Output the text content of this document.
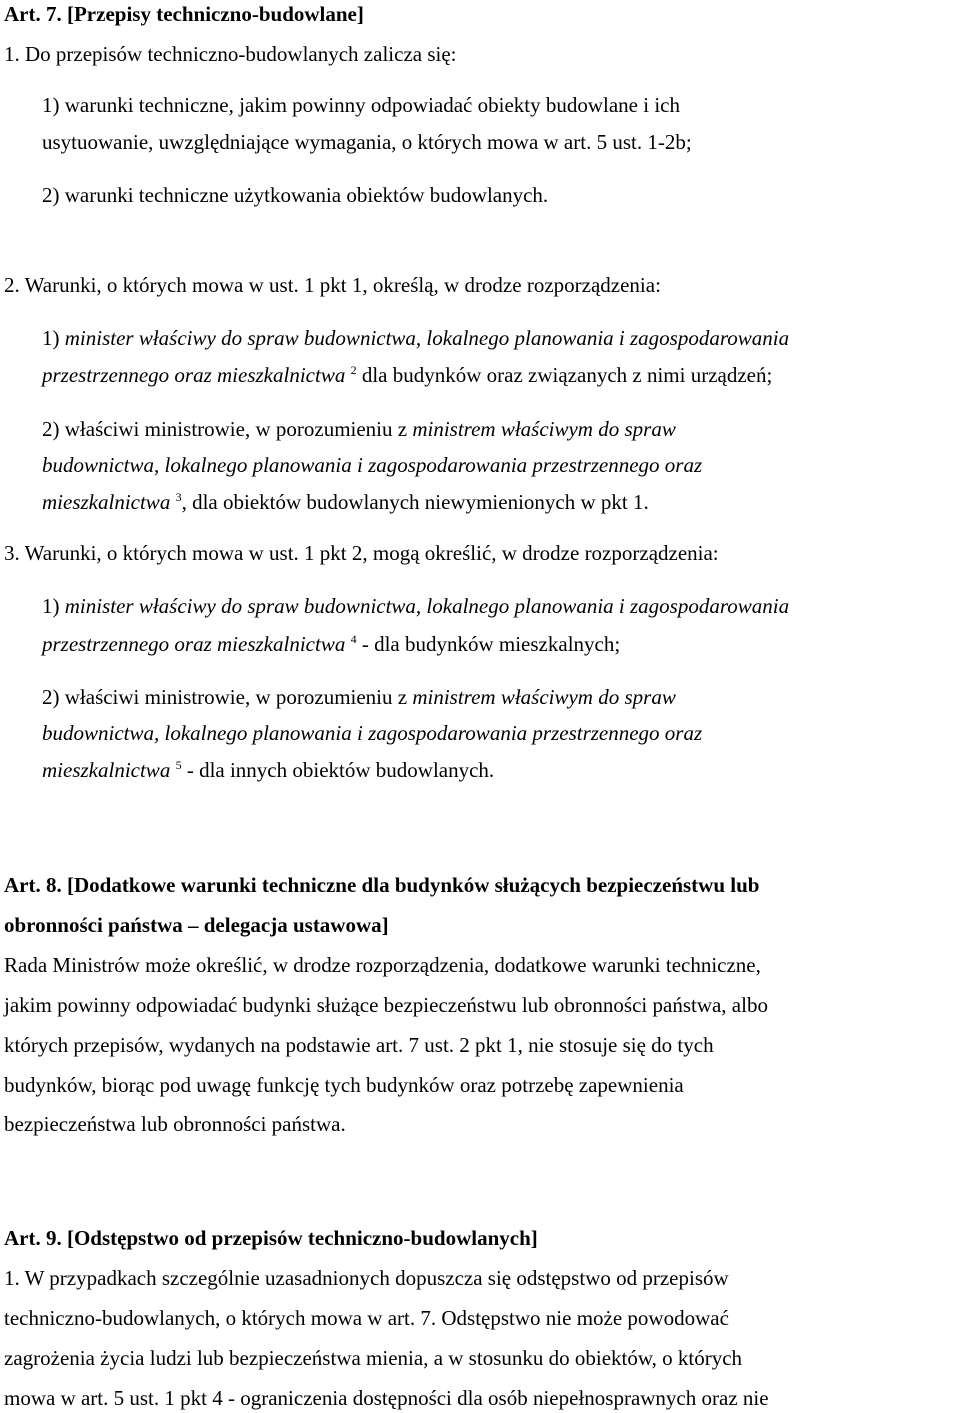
Art. 7. [Przepisy techniczno-budowlane]
1. Do przepisów techniczno-budowlanych zalicza się:
1) warunki techniczne, jakim powinny odpowiadać obiekty budowlane i ich
usytuowanie, uwzględniające wymagania, o których mowa w art. 5 ust. 1-2b;
2) warunki techniczne użytkowania obiektów budowlanych.
2. Warunki, o których mowa w ust. 1 pkt 1, określą, w drodze rozporządzenia:
1) minister właściwy do spraw budownictwa, lokalnego planowania i zagospodarowania
przestrzennego oraz mieszkalnictwa $^2$ dla budynków oraz związanych z nimi urządzeń;
2) właściwi ministrowie, w porozumieniu z ministrem właściwym do spraw
budownictwa, lokalnego planowania i zagospodarowania przestrzennego oraz
mieszkalnictwa $^3$, dla obiektów budowlanych niewymienionych w pkt 1.
3. Warunki, o których mowa w ust. 1 pkt 2, mogą określić, w drodze rozporządzenia:
1) minister właściwy do spraw budownictwa, lokalnego planowania i zagospodarowania
przestrzennego oraz mieszkalnictwa $^4$ - dla budynków mieszkalnych;
2) właściwi ministrowie, w porozumieniu z ministrem właściwym do spraw
budownictwa, lokalnego planowania i zagospodarowania przestrzennego oraz
mieszkalnictwa $^5$ - dla innych obiektów budowlanych.
Art. 8. [Dodatkowe warunki techniczne dla budynków służących bezpieczeństwu lub
obronności państwa – delegacja ustawowa]
Rada Ministrów może określić, w drodze rozporządzenia, dodatkowe warunki techniczne,
jakim powinny odpowiadać budynki służące bezpieczeństwu lub obronności państwa, albo
których przepisów, wydanych na podstawie art. 7 ust. 2 pkt 1, nie stosuje się do tych
budynków, biorąc pod uwagę funkcję tych budynków oraz potrzebę zapewnienia
bezpieczeństwa lub obronności państwa.
Art. 9. [Odstępstwo od przepisów techniczno-budowlanych]
1. W przypadkach szczególnie uzasadnionych dopuszcza się odstępstwo od przepisów
techniczno-budowlanych, o których mowa w art. 7. Odstępstwo nie może powodować
zagrożenia życia ludzi lub bezpieczeństwa mienia, a w stosunku do obiektów, o których
mowa w art. 5 ust. 1 pkt 4 - ograniczenia dostępności dla osób niepełnosprawnych oraz nie
